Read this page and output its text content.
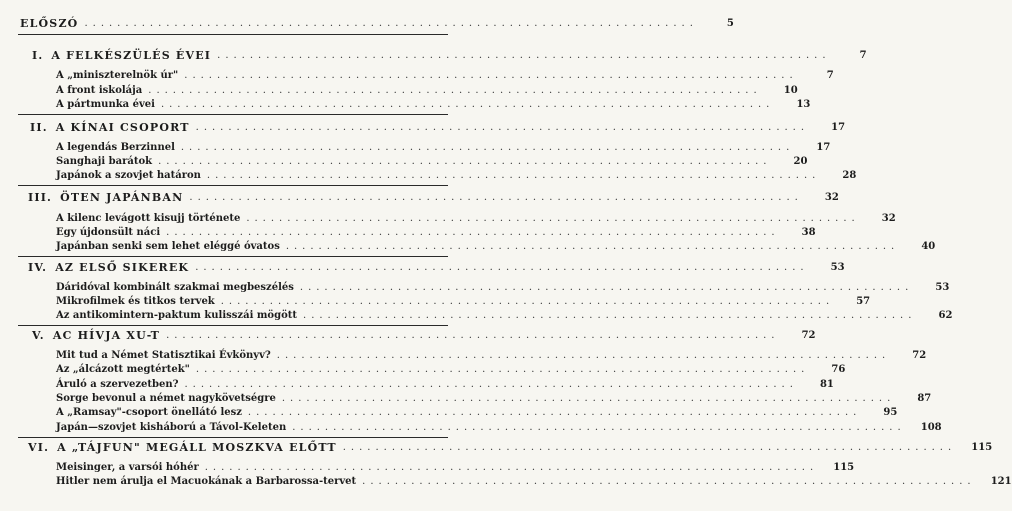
ELŐSZÓ ...........................................................................	5
I. A FELKÉSZÜLÉS ÉVEI ...........................................................................	7
A „miniszterelnök úr" ...........................................................................	7
A front iskolája ...........................................................................	10
A pártmunka évei ...........................................................................	13
II. A KÍNAI CSOPORT ...........................................................................	17
A legendás Berzinnel ...........................................................................	17
Sanghaji barátok ...........................................................................	20
Japánok a szovjet határon ...........................................................................	28
III. ÖTEN JAPÁNBAN ...........................................................................	32
A kilenc levágott kisujj története ...........................................................................	32
Egy újdonsült náci ...........................................................................	38
Japánban senki sem lehet eléggé óvatos ...........................................................................	40
IV. AZ ELSŐ SIKEREK ...........................................................................	53
Dáridóval kombinált szakmai megbeszélés ...........................................................................	53
Mikrofilmek és titkos tervek ...........................................................................	57
Az antikomintern-paktum kulisszái mögött ...........................................................................	62
V. AC HÍVJA XU-T ...........................................................................	72
Mit tud a Német Statisztikai Évkönyv? ...........................................................................	72
Az „álcázott megtértek" ...........................................................................	76
Áruló a szervezetben? ...........................................................................	81
Sorge bevonul a német nagykövetségre ...........................................................................	87
A „Ramsay"-csoport önellátó lesz ...........................................................................	95
Japán—szovjet kisháború a Távol-Keleten ...........................................................................	108
VI. A „TÁJFUN" MEGÁLL MOSZKVA ELŐTT ...........................................................................	115
Meisinger, a varsói hóhér ...........................................................................	115
Hitler nem árulja el Macuokának a Barbarossa-tervet ...........................................................................	121
